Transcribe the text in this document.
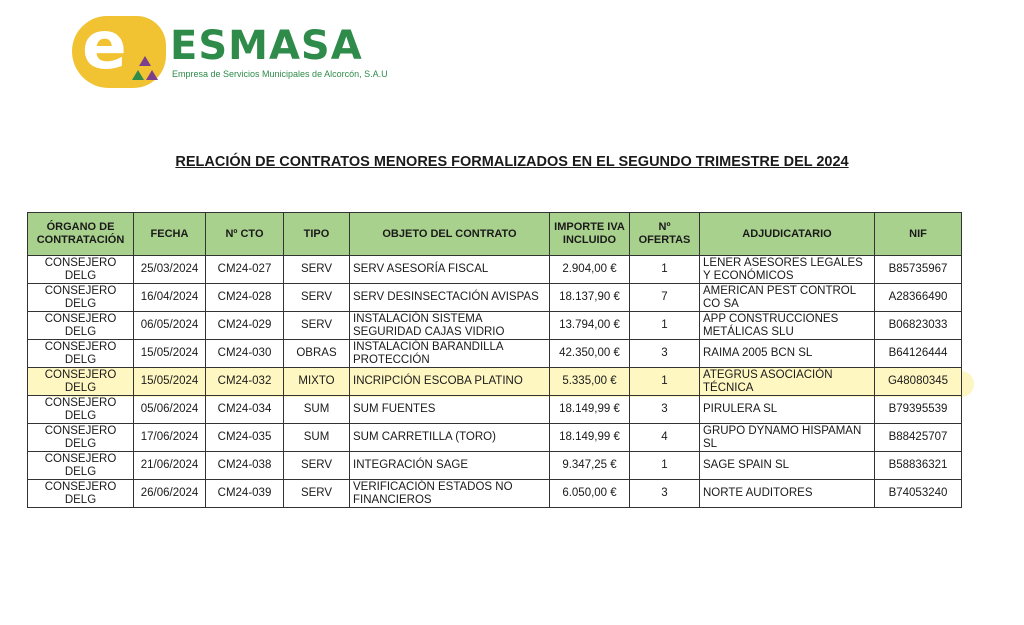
e ESMASA
Empresa de Servicios Municipales de Alcorcón, S.A.U
RELACIÓN DE CONTRATOS MENORES FORMALIZADOS EN EL SEGUNDO TRIMESTRE DEL 2024
ÓRGANO DE CONTRATACIÓN	FECHA	Nº CTO	TIPO	OBJETO DEL CONTRATO	IMPORTE IVA INCLUIDO	Nº OFERTAS	ADJUDICATARIO	NIF
CONSEJERO DELG	25/03/2024	CM24-027	SERV	SERV ASESORÍA FISCAL	2.904,00 €	1	LENER ASESORES LEGALES Y ECONÓMICOS	B85735967
CONSEJERO DELG	16/04/2024	CM24-028	SERV	SERV DESINSECTACIÓN AVISPAS	18.137,90 €	7	AMERICAN PEST CONTROL CO SA	A28366490
CONSEJERO DELG	06/05/2024	CM24-029	SERV	INSTALACIÓN SISTEMA SEGURIDAD CAJAS VIDRIO	13.794,00 €	1	APP CONSTRUCCIONES METÁLICAS SLU	B06823033
CONSEJERO DELG	15/05/2024	CM24-030	OBRAS	INSTALACIÓN BARANDILLA PROTECCIÓN	42.350,00 €	3	RAIMA 2005 BCN SL	B64126444
CONSEJERO DELG	15/05/2024	CM24-032	MIXTO	INCRIPCIÓN ESCOBA PLATINO	5.335,00 €	1	ATEGRUS ASOCIACIÓN TÉCNICA	G48080345
CONSEJERO DELG	05/06/2024	CM24-034	SUM	SUM FUENTES	18.149,99 €	3	PIRULERA SL	B79395539
CONSEJERO DELG	17/06/2024	CM24-035	SUM	SUM CARRETILLA (TORO)	18.149,99 €	4	GRUPO DYNAMO HISPAMAN SL	B88425707
CONSEJERO DELG	21/06/2024	CM24-038	SERV	INTEGRACIÓN SAGE	9.347,25 €	1	SAGE SPAIN SL	B58836321
CONSEJERO DELG	26/06/2024	CM24-039	SERV	VERIFICACIÓN ESTADOS NO FINANCIEROS	6.050,00 €	3	NORTE AUDITORES	B74053240
